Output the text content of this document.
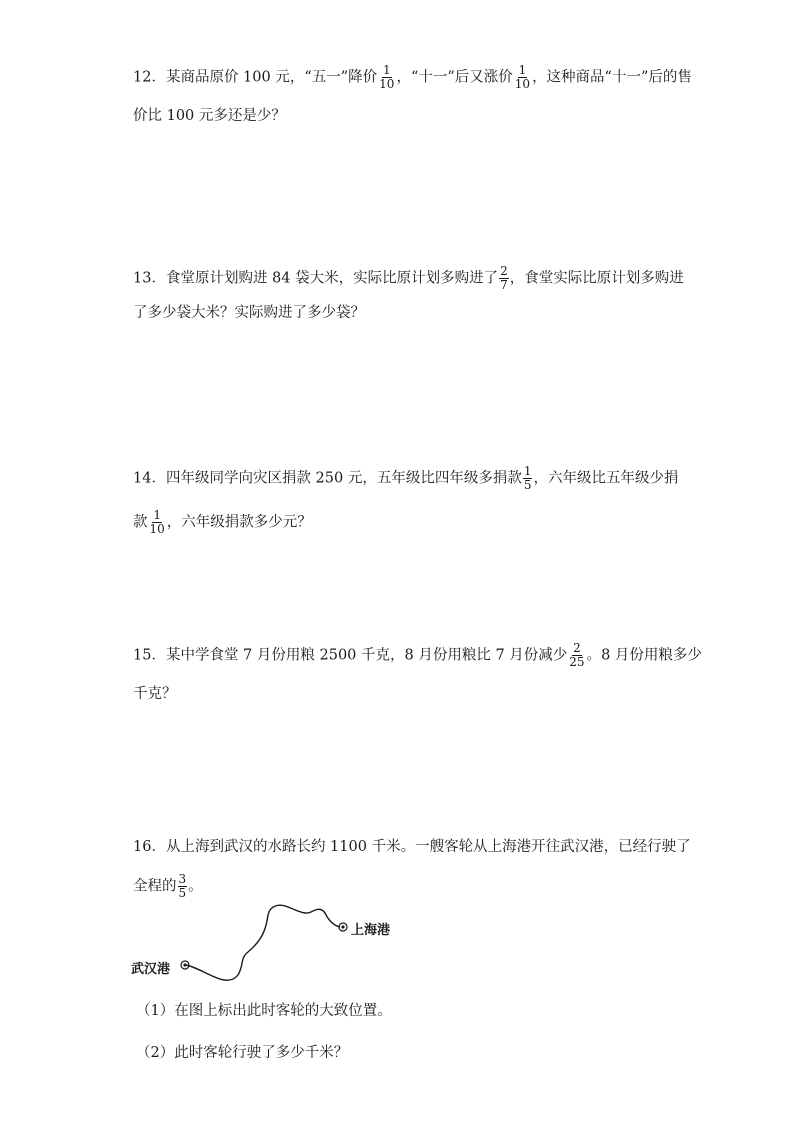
12．某商品原价 100 元，“五一”降价 $\frac{1}{10}$ ，“十一”后又涨价 $\frac{1}{10}$ ，这种商品“十一”后的售
价比 100 元多还是少？
13．食堂原计划购进 84 袋大米，实际比原计划多购进了 $\frac{2}{7}$ ，食堂实际比原计划多购进
了多少袋大米？实际购进了多少袋？
14．四年级同学向灾区捐款 250 元，五年级比四年级多捐款 $\frac{1}{5}$ ，六年级比五年级少捐
款 $\frac{1}{10}$ ，六年级捐款多少元？
15．某中学食堂 7 月份用粮 2500 千克，8 月份用粮比 7 月份减少 $\frac{2}{25}$ 。8 月份用粮多少
千克？
16．从上海到武汉的水路长约 1100 千米。一艘客轮从上海港开往武汉港，已经行驶了
全程的 $\frac{3}{5}$ 。
上海港
武汉港
（1）在图上标出此时客轮的大致位置。
（2）此时客轮行驶了多少千米？
